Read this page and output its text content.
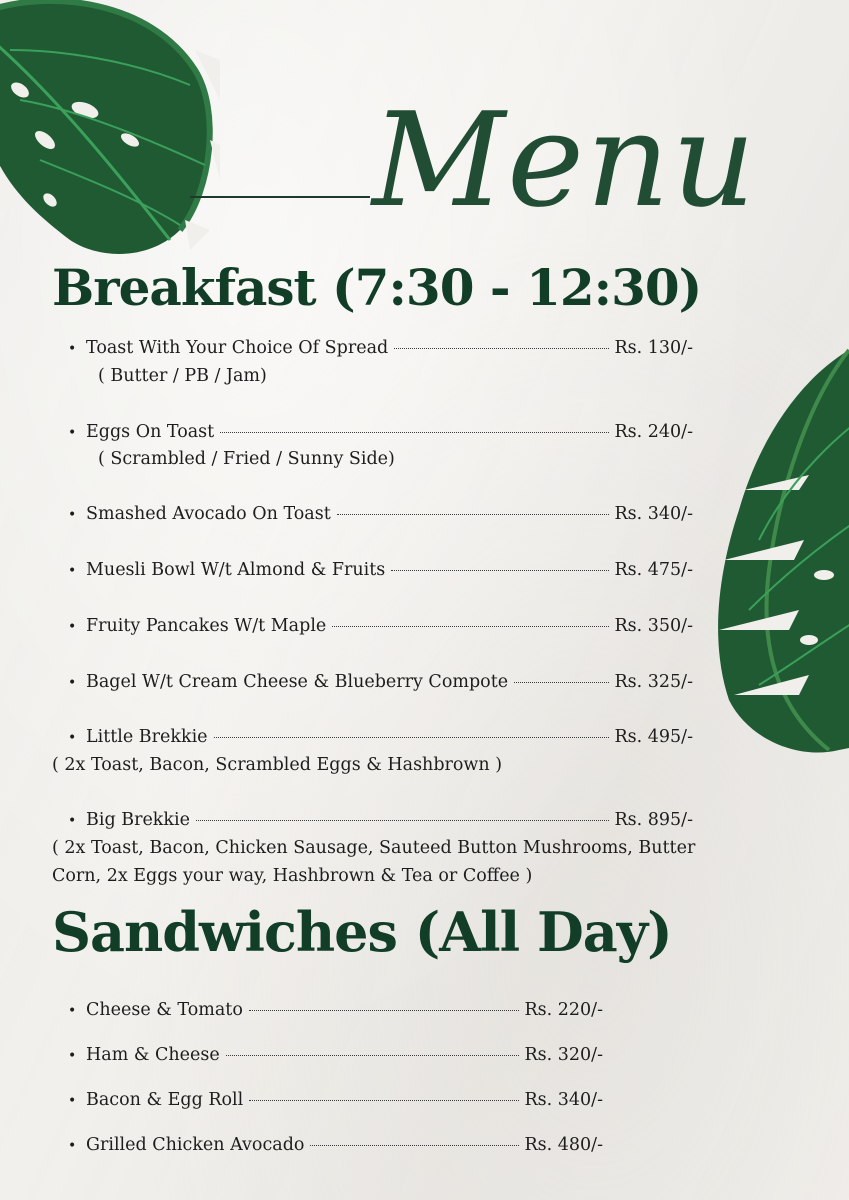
Menu
Breakfast (7:30 - 12:30)
• Toast With Your Choice Of Spread	Rs. 130/-
( Butter / PB / Jam)
• Eggs On Toast	Rs. 240/-
( Scrambled / Fried / Sunny Side)
• Smashed Avocado On Toast	Rs. 340/-
• Muesli Bowl W/t Almond & Fruits	Rs. 475/-
• Fruity Pancakes W/t Maple	Rs. 350/-
• Bagel W/t Cream Cheese & Blueberry Compote	Rs. 325/-
• Little Brekkie	Rs. 495/-
( 2x Toast, Bacon, Scrambled Eggs & Hashbrown )
• Big Brekkie	Rs. 895/-
( 2x Toast, Bacon, Chicken Sausage, Sauteed Button Mushrooms, Butter
Corn, 2x Eggs your way, Hashbrown & Tea or Coffee )
Sandwiches (All Day)
• Cheese & Tomato	Rs. 220/-
• Ham & Cheese	Rs. 320/-
• Bacon & Egg Roll	Rs. 340/-
• Grilled Chicken Avocado	Rs. 480/-
